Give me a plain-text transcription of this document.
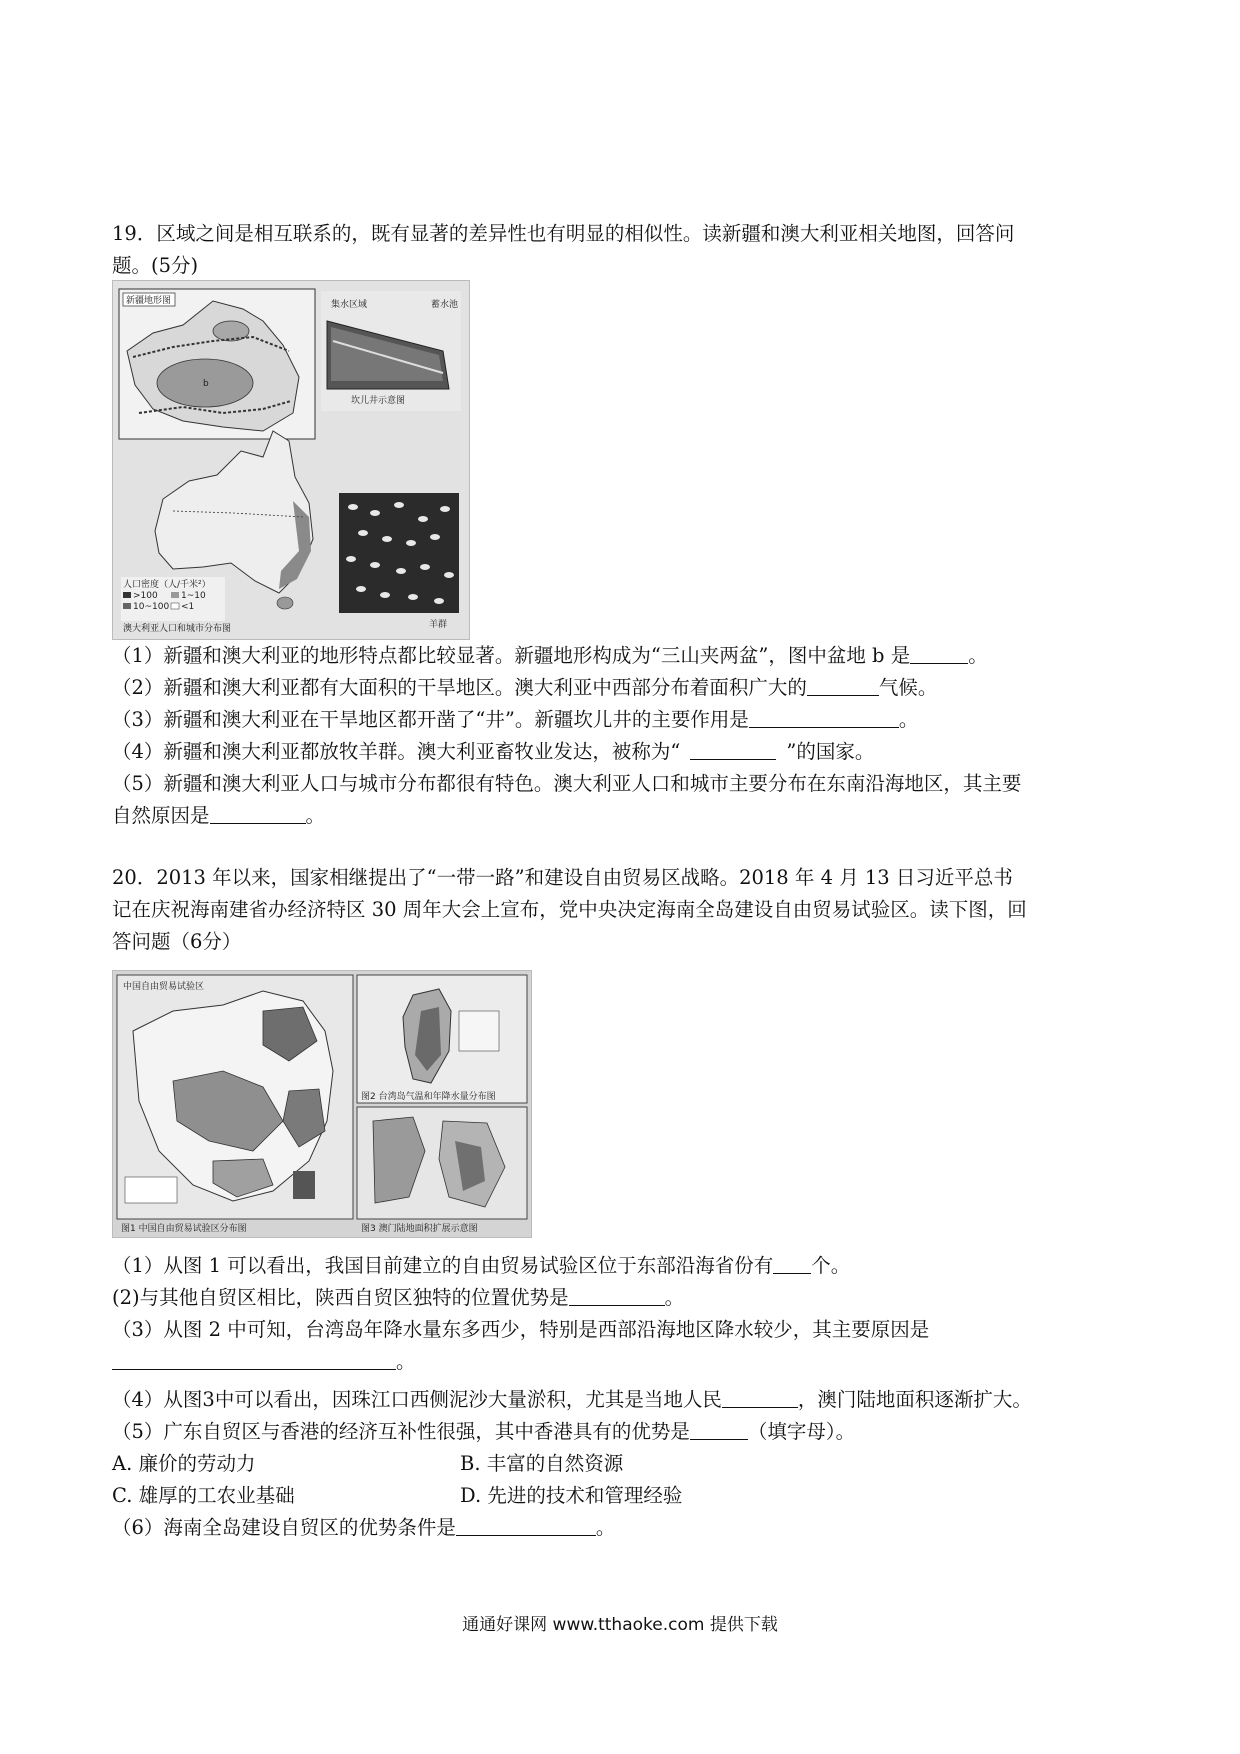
19．区域之间是相互联系的，既有显著的差异性也有明显的相似性。读新疆和澳大利亚相关地图，回答问
题。(5分)
新疆地形图
b
集水区域	蓄水池
坎儿井示意图
人口密度（人/千米²）
>100	1~10
10~100 <1
澳大利亚人口和城市分布图	羊群
（1）新疆和澳大利亚的地形特点都比较显著。新疆地形构成为“三山夹两盆”，图中盆地 b 是	。
（2）新疆和澳大利亚都有大面积的干旱地区。澳大利亚中西部分布着面积广大的	气候。
（3）新疆和澳大利亚在干旱地区都开凿了“井”。新疆坎儿井的主要作用是	。
（4）新疆和澳大利亚都放牧羊群。澳大利亚畜牧业发达，被称为“	”的国家。
（5）新疆和澳大利亚人口与城市分布都很有特色。澳大利亚人口和城市主要分布在东南沿海地区，其主要
自然原因是	。
20．2013 年以来，国家相继提出了“一带一路”和建设自由贸易区战略。2018 年 4 月 13 日习近平总书
记在庆祝海南建省办经济特区 30 周年大会上宣布，党中央决定海南全岛建设自由贸易试验区。读下图，回
答问题（6分）
中国自由贸易试验区
图2 台湾岛气温和年降水量分布图
图1 中国自由贸易试验区分布图	图3 澳门陆地面积扩展示意图
（1）从图 1 可以看出，我国目前建立的自由贸易试验区位于东部沿海省份有 个。
(2)与其他自贸区相比，陕西自贸区独特的位置优势是	。
（3）从图 2 中可知，台湾岛年降水量东多西少，特别是西部沿海地区降水较少，其主要原因是
。
（4）从图3中可以看出，因珠江口西侧泥沙大量淤积，尤其是当地人民	，澳门陆地面积逐渐扩大。
（5）广东自贸区与香港的经济互补性很强，其中香港具有的优势是	（填字母）。
A. 廉价的劳动力	B. 丰富的自然资源
C. 雄厚的工农业基础	D. 先进的技术和管理经验
（6）海南全岛建设自贸区的优势条件是	。
通通好课网 www.tthaoke.com 提供下载
